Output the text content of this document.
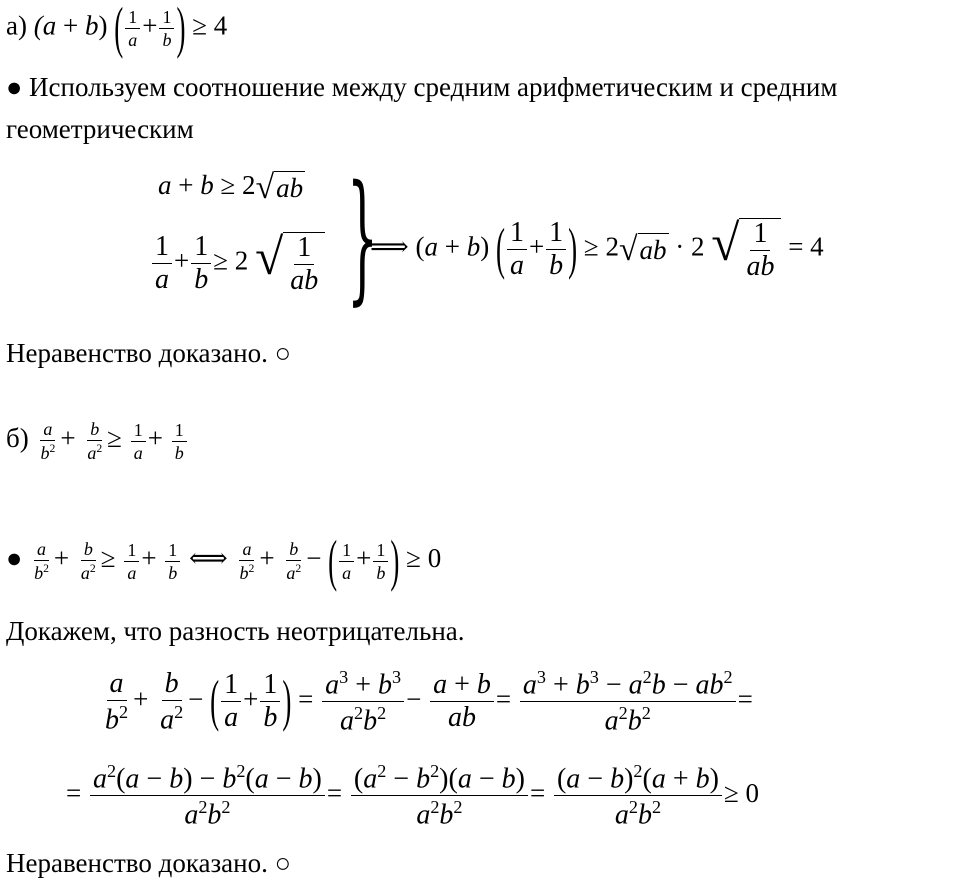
а) (a + b) ( $\frac{1}{a} + \frac{1}{b}$ ) ≥ 4
● Используем соотношение между средним арифметическим и средним
геометрическим
a + b ≥ 2 √ ab
$\frac{1}{a} + \frac{1}{b} \ge 2$ √ $\frac{1}{ab}$ }
⟹ (a + b) ( $\frac{1}{a} + \frac{1}{b}$ ) ≥ 2 √ ab · 2 √ $\frac{1}{ab} = 4$
Неравенство доказано. ○
$б) \frac{a}{b^2} + \frac{b}{a^2} \ge \frac{1}{a} + \frac{1}{b}$
● $\frac{a}{b^2} + \frac{b}{a^2} \ge \frac{1}{a} + \frac{1}{b}$ ⟺ $\frac{a}{b^2} + \frac{b}{a^2}$ − ( $\frac{1}{a} + \frac{1}{b}$ ) ≥ 0
Докажем, что разность неотрицательна.
$\frac{a}{b^2} + \frac{b}{a^2}$ − ( $\frac{1}{a} + \frac{1}{b}$ ) = $\frac{a^3 + b^3}{a^2b^2} - \frac{a + b}{ab} = \frac{a^3 + b^3 - a^2b - ab^2}{a^2b^2}$ =
= $\frac{a^2(a - b) - b^2(a - b)}{a^2b^2} = \frac{(a^2 - b^2)(a - b)}{a^2b^2} = \frac{(a - b)^2(a + b)}{a^2b^2} \ge 0$
Неравенство доказано. ○
